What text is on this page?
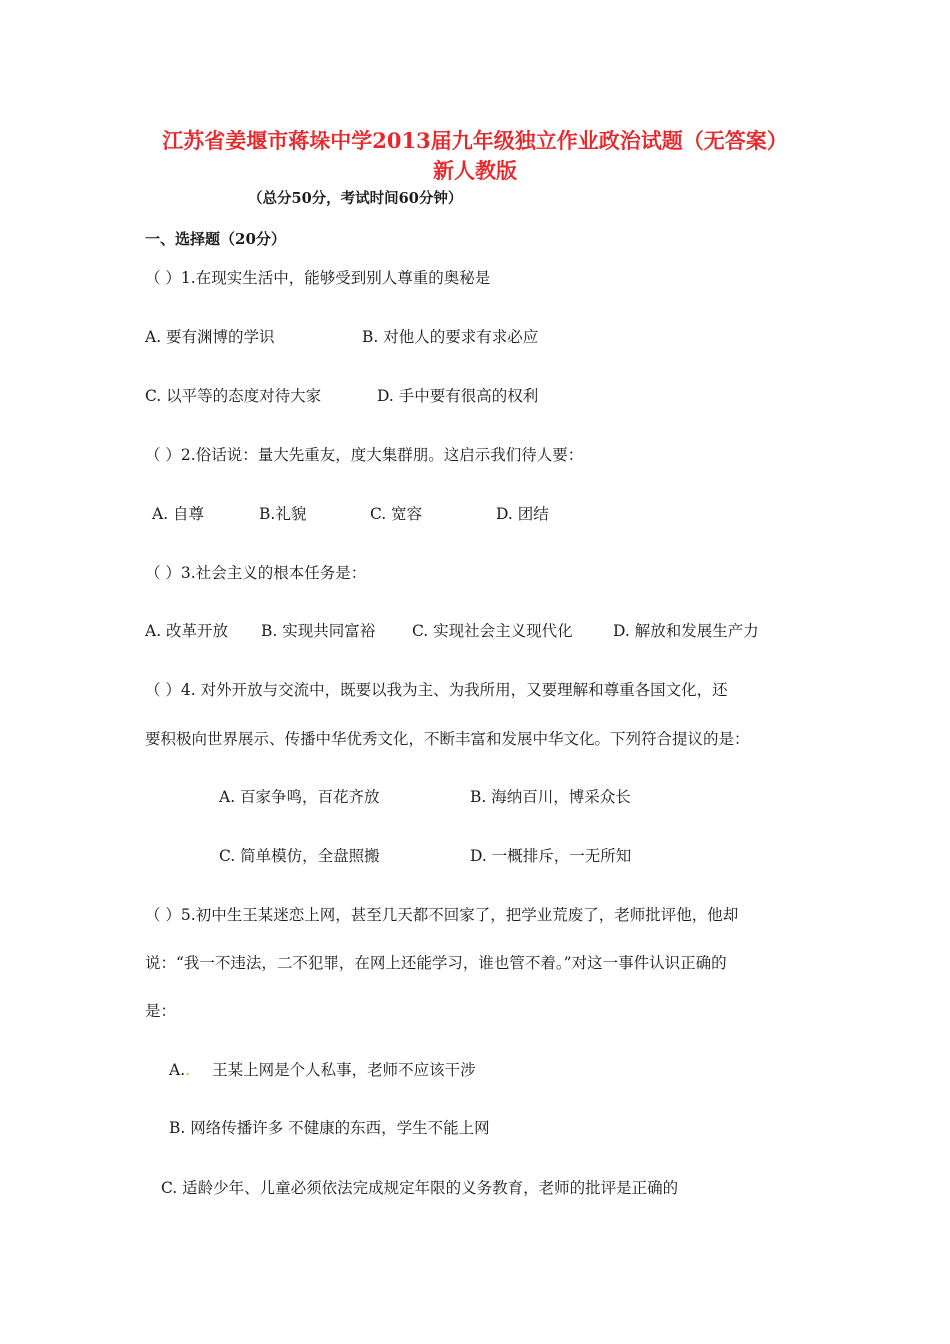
江苏省姜堰市蒋垛中学2013届九年级独立作业政治试题（无答案）
新人教版
（总分50分，考试时间60分钟）
一、选择题（20分）
（ ）1.在现实生活中，能够受到别人尊重的奥秘是
A. 要有渊博的学识	B. 对他人的要求有求必应
C. 以平等的态度对待大家	D. 手中要有很高的权利
（ ）2.俗话说：量大先重友，度大集群朋。这启示我们待人要：
A. 自尊	B.礼貌	C. 宽容	D. 团结
（ ）3.社会主义的根本任务是：
A. 改革开放 B. 实现共同富裕 C. 实现社会主义现代化	D. 解放和发展生产力
（ ）4. 对外开放与交流中，既要以我为主、为我所用，又要理解和尊重各国文化，还
要积极向世界展示、传播中华优秀文化，不断丰富和发展中华文化。下列符合提议的是：
A. 百家争鸣，百花齐放	B. 海纳百川，博采众长
C. 简单模仿，全盘照搬	D. 一概排斥，一无所知
（ ）5.初中生王某迷恋上网，甚至几天都不回家了，把学业荒废了，老师批评他，他却
说：“我一不违法，二不犯罪，在网上还能学习，谁也管不着。”对这一事件认识正确的
是：
A.. 王某上网是个人私事，老师不应该干涉
B. 网络传播许多 不健康的东西，学生不能上网
C. 适龄少年、儿童必须依法完成规定年限的义务教育，老师的批评是正确的
